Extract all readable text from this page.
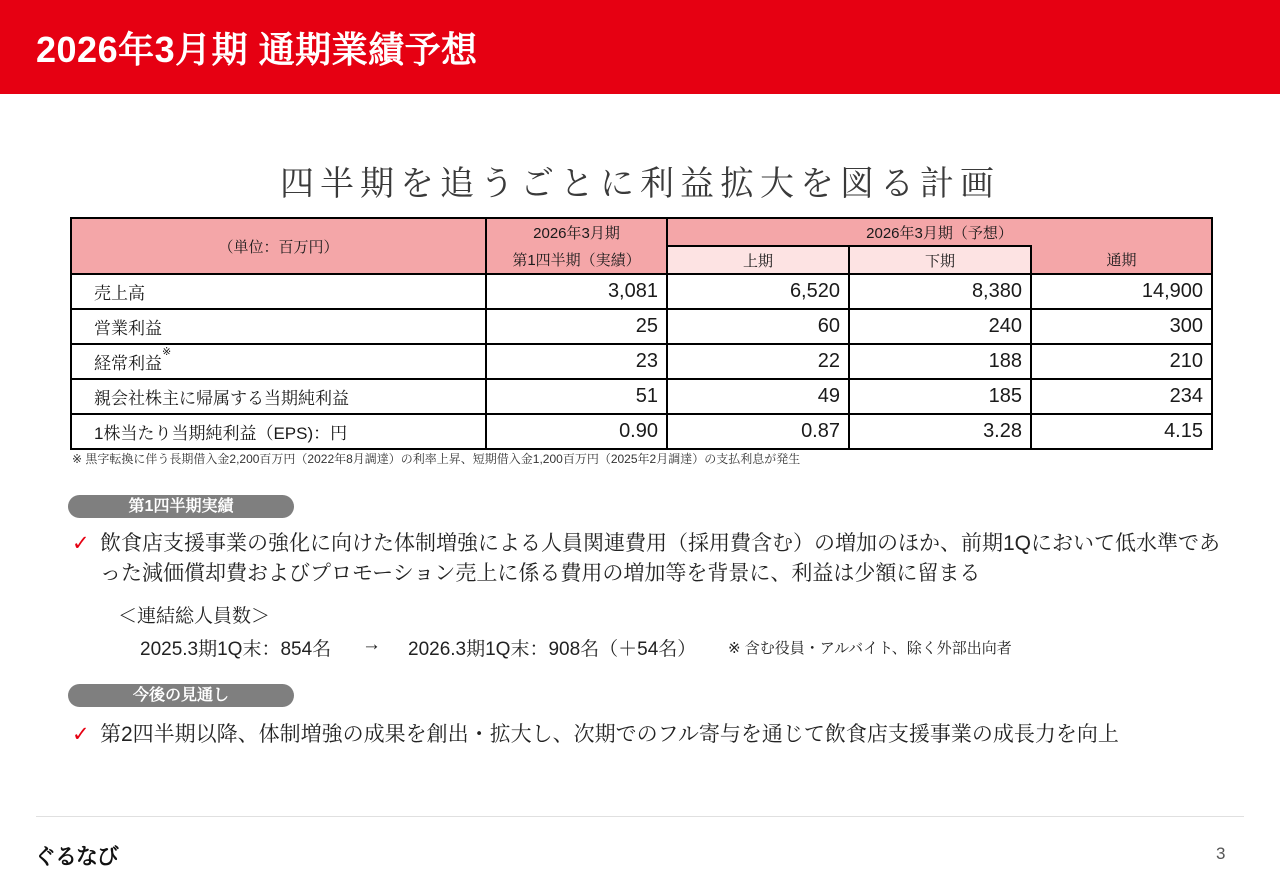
2026年3月期 通期業績予想
四半期を追うごとに利益拡大を図る計画
（単位：百万円）	2026年3月期	2026年3月期（予想）		
	第1四半期（実績）	上期	下期	通期
売上高	3,081	6,520	8,380	14,900
営業利益	25	60	240	300
経常利益※	23	22	188	210
親会社株主に帰属する当期純利益	51	49	185	234
1株当たり当期純利益（EPS)：円	0.90	0.87	3.28	4.15
※ 黒字転換に伴う長期借入金2,200百万円（2022年8月調達）の利率上昇、短期借入金1,200百万円（2025年2月調達）の支払利息が発生
第1四半期実績
✓ 飲食店支援事業の強化に向けた体制増強による人員関連費用（採用費含む）の増加のほか、前期1Qにおいて低水準であった減価償却費およびプロモーション売上に係る費用の増加等を背景に、利益は少額に留まる
＜連結総人員数＞
2025.3期1Q末：854名 → 2026.3期1Q末：908名（＋54名） ※ 含む役員・アルバイト、除く外部出向者
今後の見通し
✓ 第2四半期以降、体制増強の成果を創出・拡大し、次期でのフル寄与を通じて飲食店支援事業の成長力を向上
ぐるなび	3
